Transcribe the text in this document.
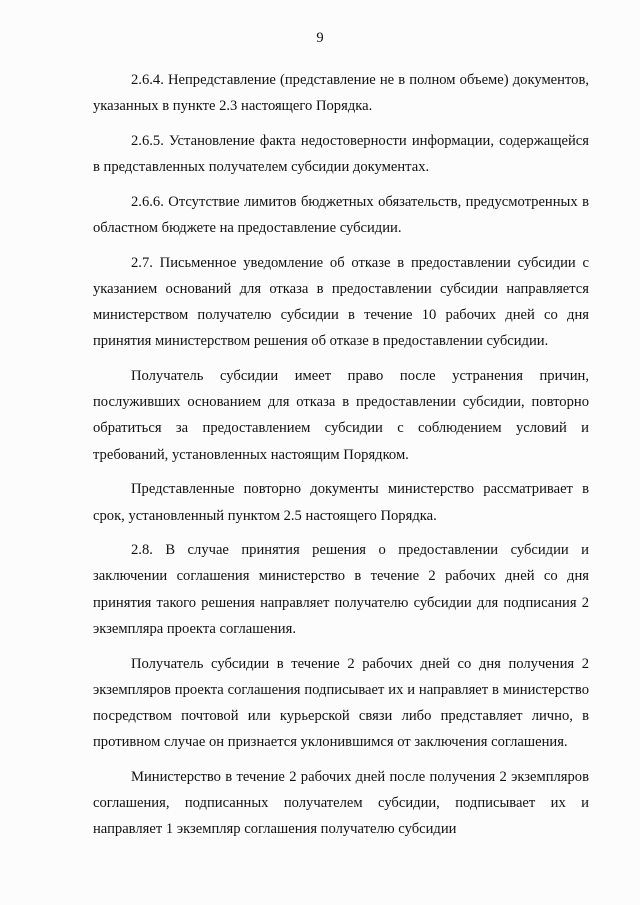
9

2.6.4. Непредставление (представление не в полном объеме) документов, указанных в пункте 2.3 настоящего Порядка.

2.6.5. Установление факта недостоверности информации, содержащейся в представленных получателем субсидии документах.

2.6.6. Отсутствие лимитов бюджетных обязательств, предусмотренных в областном бюджете на предоставление субсидии.

2.7. Письменное уведомление об отказе в предоставлении субсидии с указанием оснований для отказа в предоставлении субсидии направляется министерством получателю субсидии в течение 10 рабочих дней со дня принятия министерством решения об отказе в предоставлении субсидии.

Получатель субсидии имеет право после устранения причин, послуживших основанием для отказа в предоставлении субсидии, повторно обратиться за предоставлением субсидии с соблюдением условий и требований, установленных настоящим Порядком.

Представленные повторно документы министерство рассматривает в срок, установленный пунктом 2.5 настоящего Порядка.

2.8. В случае принятия решения о предоставлении субсидии и заключении соглашения министерство в течение 2 рабочих дней со дня принятия такого решения направляет получателю субсидии для подписания 2 экземпляра проекта соглашения.

Получатель субсидии в течение 2 рабочих дней со дня получения 2 экземпляров проекта соглашения подписывает их и направляет в министерство посредством почтовой или курьерской связи либо представляет лично, в противном случае он признается уклонившимся от заключения соглашения.

Министерство в течение 2 рабочих дней после получения 2 экземпляров соглашения, подписанных получателем субсидии, подписывает их и направляет 1 экземпляр соглашения получателю субсидии
